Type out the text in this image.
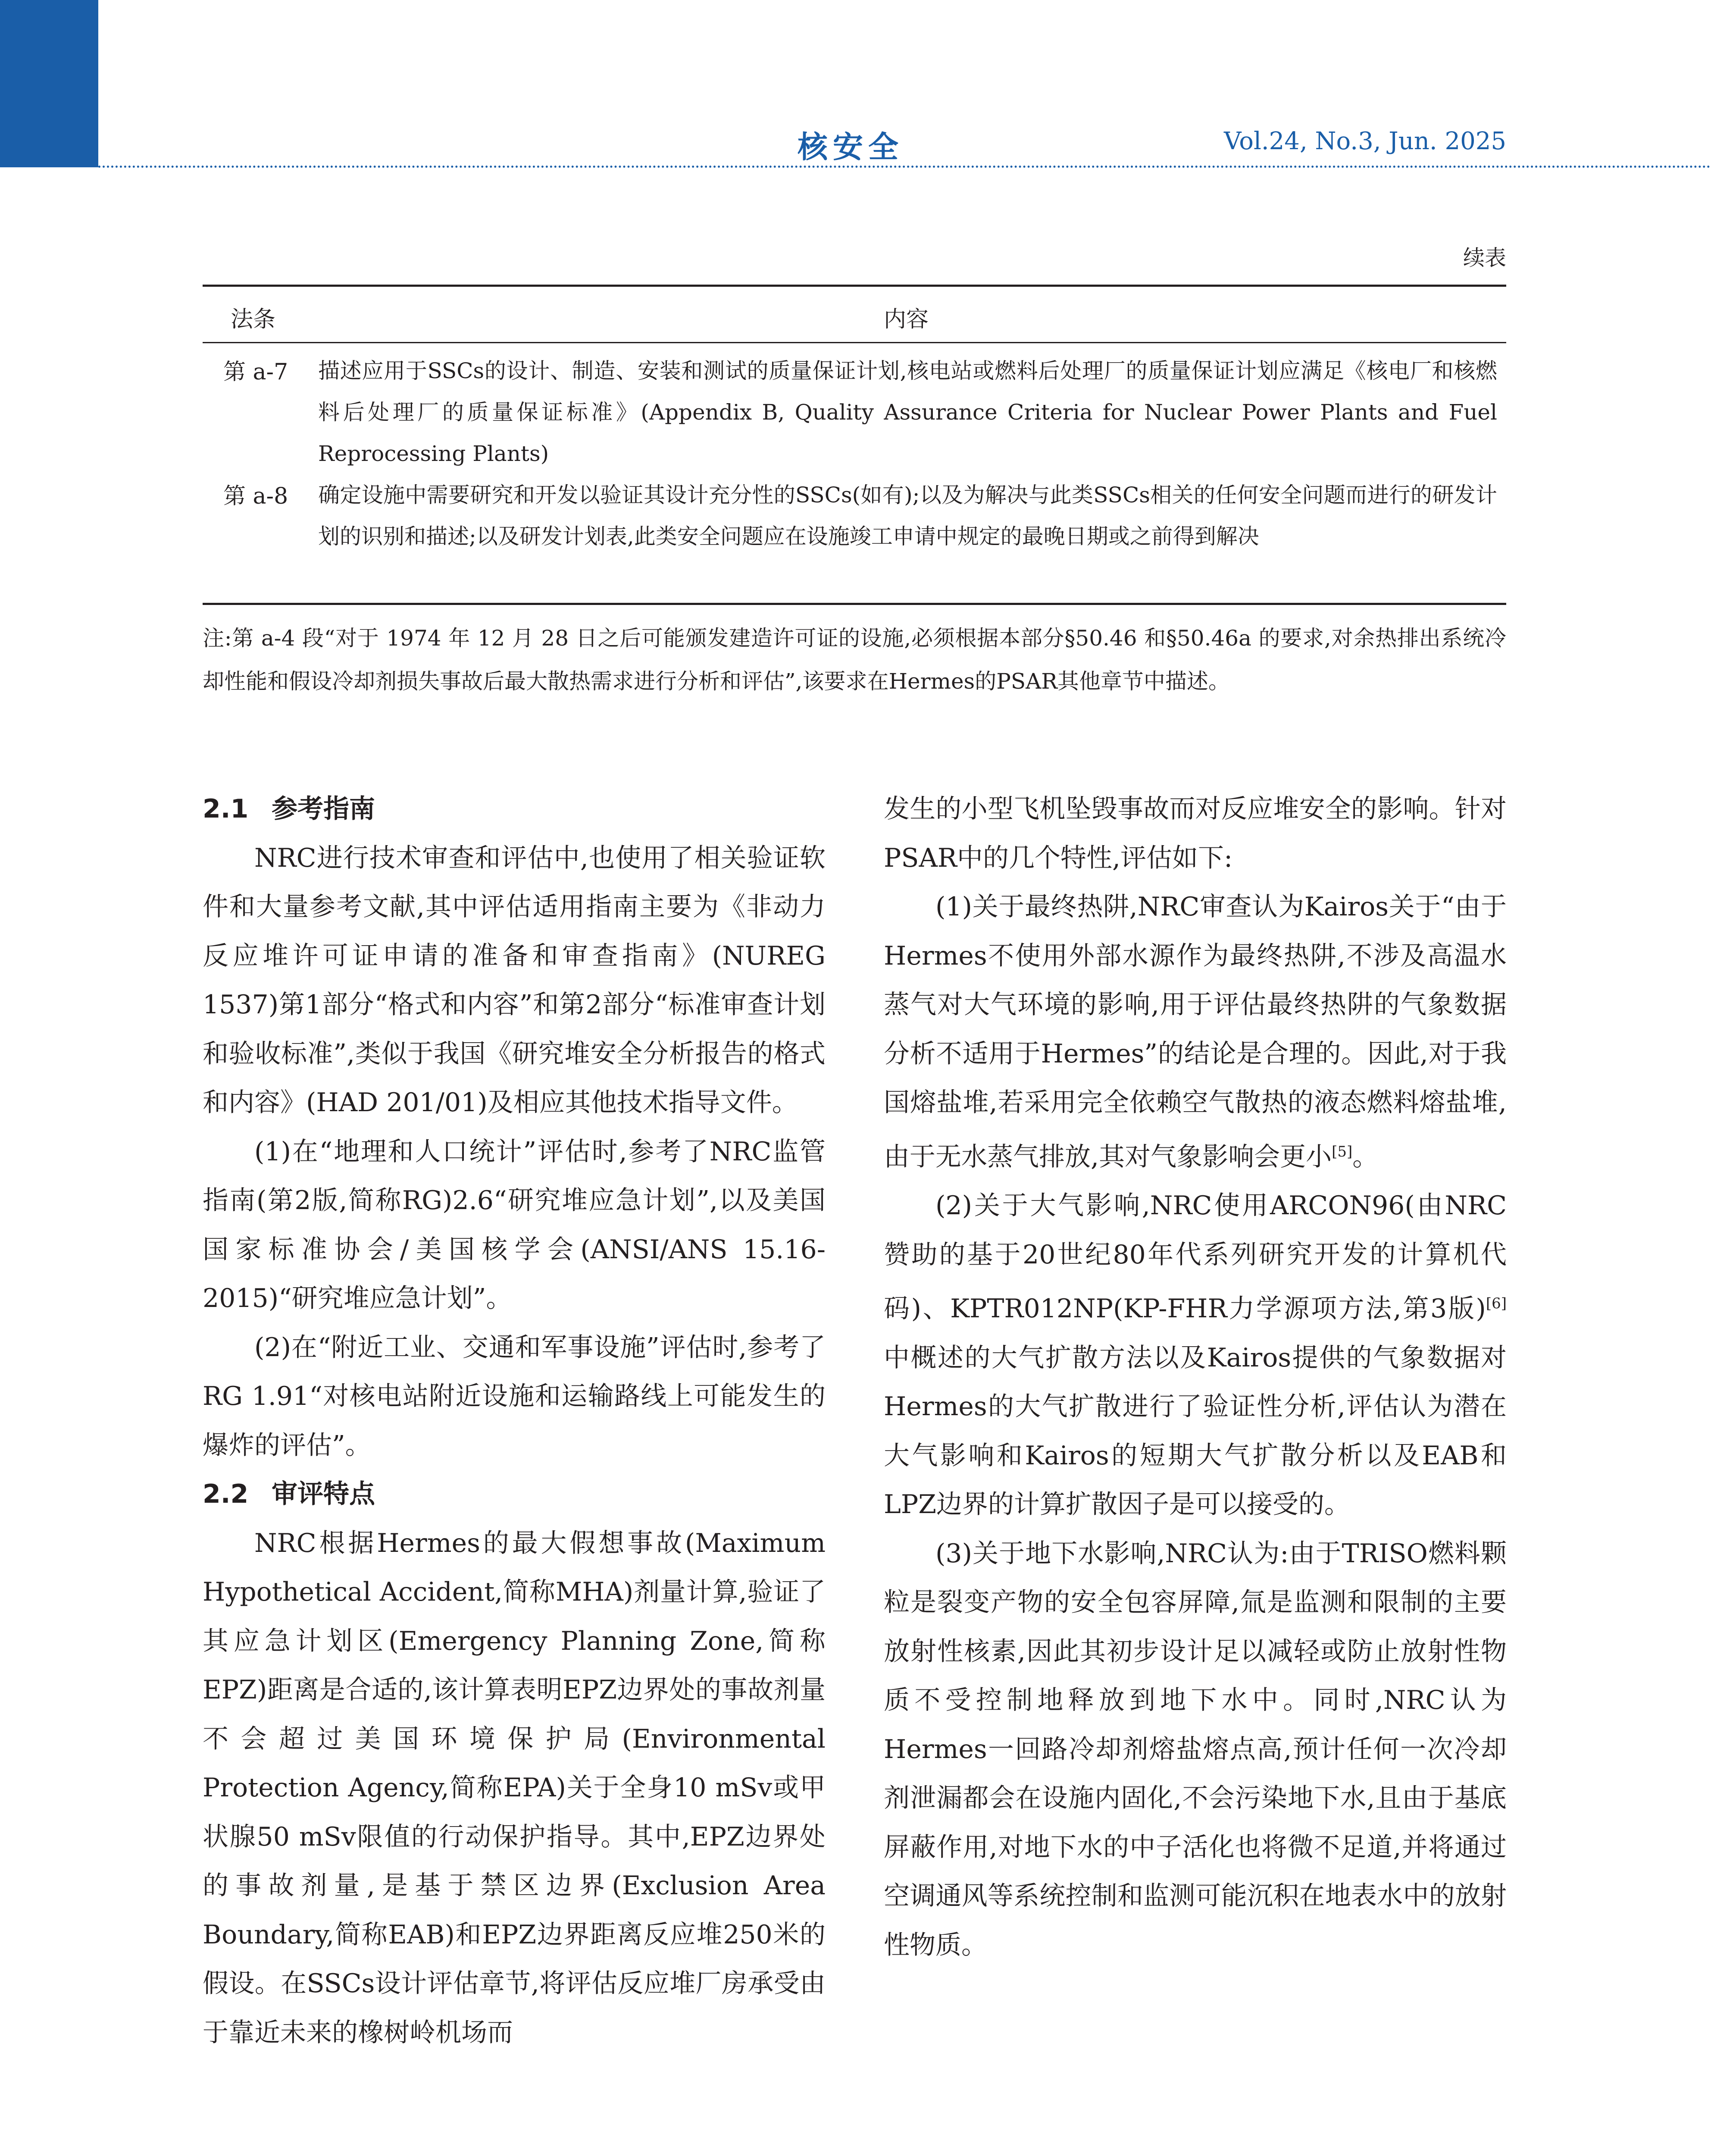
核安全	Vol.24, No.3, Jun. 2025
续表
法条	内容
第 a-7 描述应用于SSCs的设计、制造、安装和测试的质量保证计划,核电站或燃料后处理厂的质量保证计划应满足《核电厂和核燃料后处理厂的质量保证标准》(Appendix B, Quality Assurance Criteria for Nuclear Power Plants and Fuel Reprocessing Plants)
第 a-8 确定设施中需要研究和开发以验证其设计充分性的SSCs(如有);以及为解决与此类SSCs相关的任何安全问题而进行的研发计划的识别和描述;以及研发计划表,此类安全问题应在设施竣工申请中规定的最晚日期或之前得到解决
注:第 a-4 段“对于 1974 年 12 月 28 日之后可能颁发建造许可证的设施,必须根据本部分§50.46 和§50.46a 的要求,对余热排出系统冷却性能和假设冷却剂损失事故后最大散热需求进行分析和评估”,该要求在Hermes的PSAR其他章节中描述。
2.1 参考指南

NRC进行技术审查和评估中,也使用了相关验证软件和大量参考文献,其中评估适用指南主要为《非动力反应堆许可证申请的准备和审查指南》(NUREG 1537)第1部分“格式和内容”和第2部分“标准审查计划和验收标准”,类似于我国《研究堆安全分析报告的格式和内容》(HAD 201/01)及相应其他技术指导文件。

(1)在“地理和人口统计”评估时,参考了NRC监管指南(第2版,简称RG)2.6“研究堆应急计划”,以及美国国家标准协会/美国核学会(ANSI/ANS 15.16-2015)“研究堆应急计划”。

(2)在“附近工业、交通和军事设施”评估时,参考了RG 1.91“对核电站附近设施和运输路线上可能发生的爆炸的评估”。

2.2 审评特点

NRC根据Hermes的最大假想事故(Maximum Hypothetical Accident,简称MHA)剂量计算,验证了其应急计划区(Emergency Planning Zone,简称EPZ)距离是合适的,该计算表明EPZ边界处的事故剂量不会超过美国环境保护局(Environmental Protection Agency,简称EPA)关于全身10 mSv或甲状腺50 mSv限值的行动保护指导。其中,EPZ边界处的事故剂量,是基于禁区边界(Exclusion Area Boundary,简称EAB)和EPZ边界距离反应堆250米的假设。在SSCs设计评估章节,将评估反应堆厂房承受由于靠近未来的橡树岭机场而

发生的小型飞机坠毁事故而对反应堆安全的影响。针对PSAR中的几个特性,评估如下:

(1)关于最终热阱,NRC审查认为Kairos关于“由于Hermes不使用外部水源作为最终热阱,不涉及高温水蒸气对大气环境的影响,用于评估最终热阱的气象数据分析不适用于Hermes”的结论是合理的。因此,对于我国熔盐堆,若采用完全依赖空气散热的液态燃料熔盐堆,由于无水蒸气排放,其对气象影响会更小[5]。

(2)关于大气影响,NRC使用ARCON96(由NRC赞助的基于20世纪80年代系列研究开发的计算机代码)、KPTR012NP(KP-FHR力学源项方法,第3版)[6]中概述的大气扩散方法以及Kairos提供的气象数据对Hermes的大气扩散进行了验证性分析,评估认为潜在大气影响和Kairos的短期大气扩散分析以及EAB和LPZ边界的计算扩散因子是可以接受的。

(3)关于地下水影响,NRC认为:由于TRISO燃料颗粒是裂变产物的安全包容屏障,氚是监测和限制的主要放射性核素,因此其初步设计足以减轻或防止放射性物质不受控制地释放到地下水中。同时,NRC认为Hermes一回路冷却剂熔盐熔点高,预计任何一次冷却剂泄漏都会在设施内固化,不会污染地下水,且由于基底屏蔽作用,对地下水的中子活化也将微不足道,并将通过空调通风等系统控制和监测可能沉积在地表水中的放射性物质。
